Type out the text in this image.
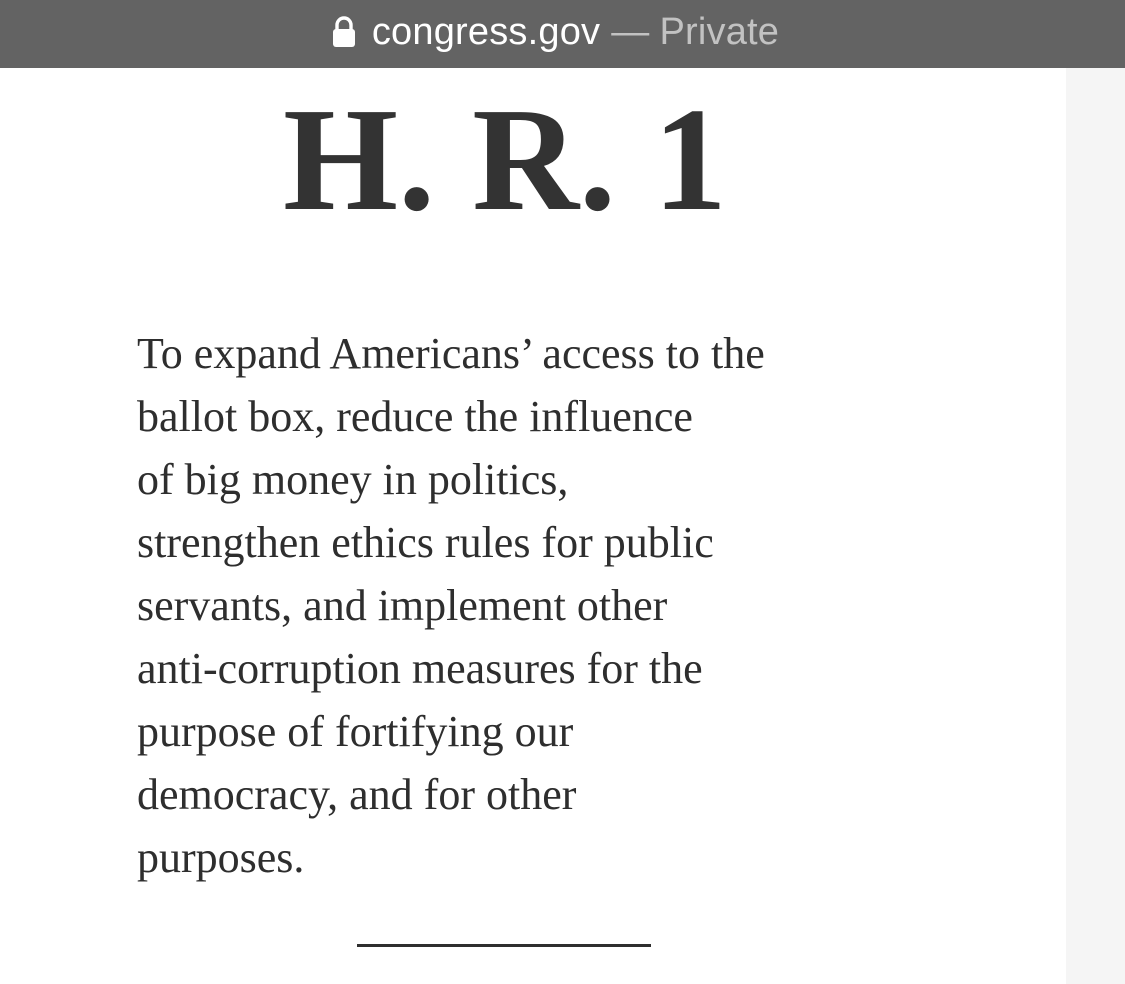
congress.gov — Private
H. R. 1

To expand Americans’ access to the
ballot box, reduce the influence
of big money in politics,
strengthen ethics rules for public
servants, and implement other
anti-corruption measures for the
purpose of fortifying our
democracy, and for other
purposes.
